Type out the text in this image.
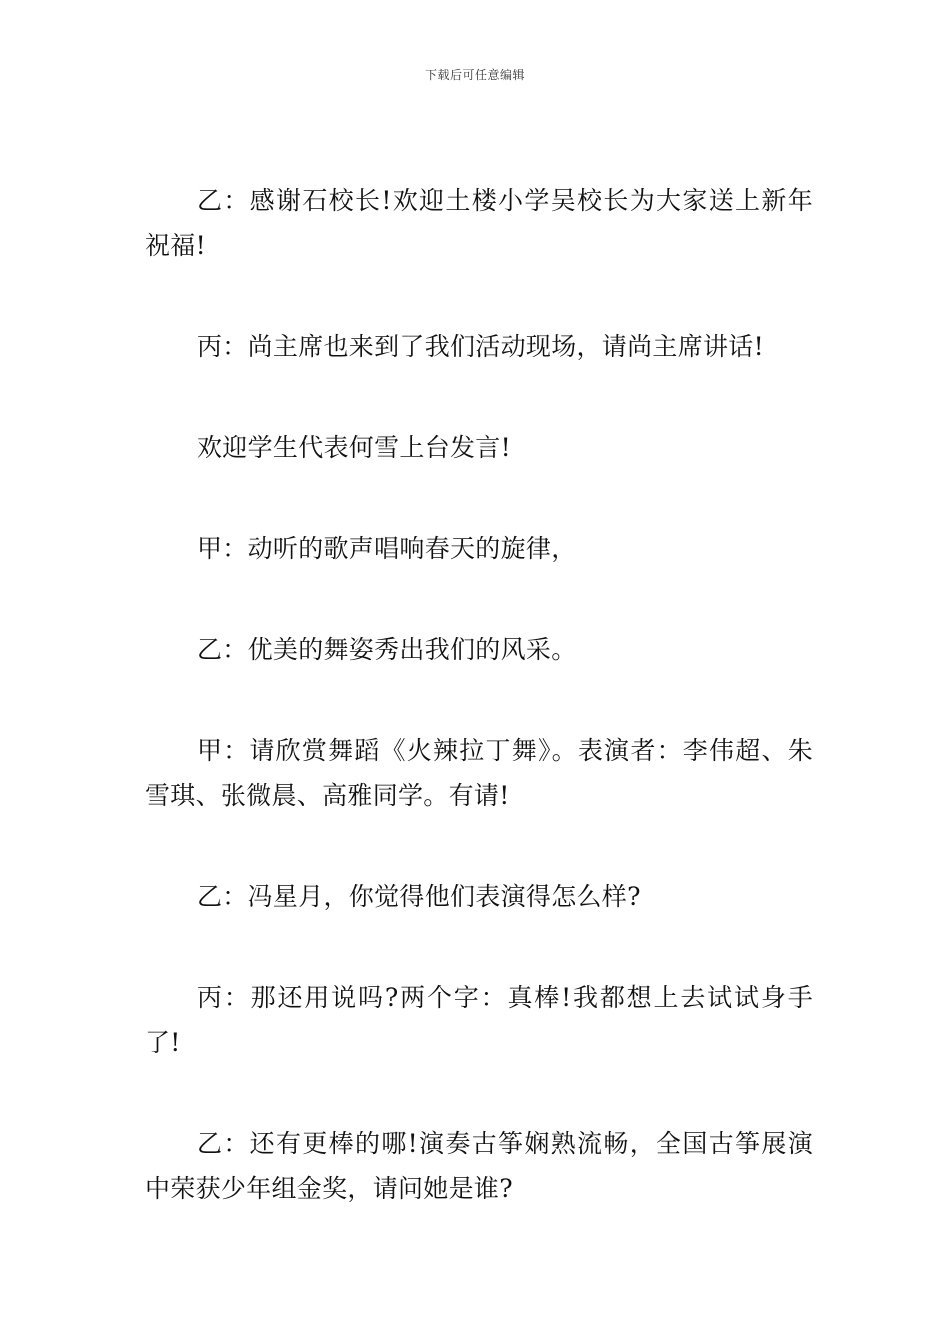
下载后可任意编辑

乙：感谢石校长!欢迎土楼小学吴校长为大家送上新年祝福!

丙：尚主席也来到了我们活动现场，请尚主席讲话!

欢迎学生代表何雪上台发言!

甲：动听的歌声唱响春天的旋律，

乙：优美的舞姿秀出我们的风采。

甲：请欣赏舞蹈《火辣拉丁舞》。表演者：李伟超、朱雪琪、张微晨、高雅同学。有请!

乙：冯星月，你觉得他们表演得怎么样?

丙：那还用说吗?两个字：真棒!我都想上去试试身手了!

乙：还有更棒的哪!演奏古筝娴熟流畅，全国古筝展演中荣获少年组金奖，请问她是谁?
